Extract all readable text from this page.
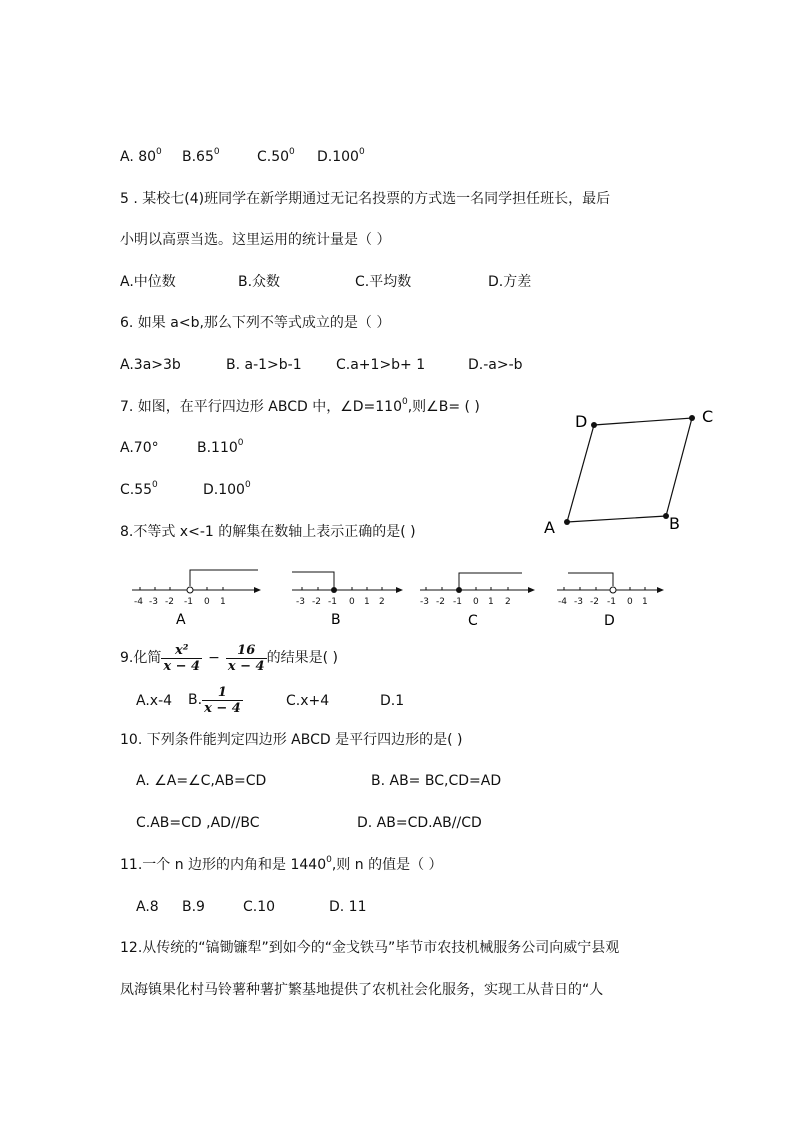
A. $80^0$ $B.65^0$	$C.50^0$ D.100$^0$
5 . 某校七(4)班同学在新学期通过无记名投票的方式选一名同学担任班长，最后
小明以高票当选。这里运用的统计量是（ ）
A.中位数	B.众数	C.平均数	D.方差
6. 如果 a<b,那么下列不等式成立的是（ ）
A.3a>3b	B. a-1>b-1 C.a+1>b+ 1	D.-a>-b
7. 如图，在平行四边形 ABCD 中，$\angle D=110^0$,则∠B= ( )
A.70°	B.110$^0$
$C.55^0$	D.100$^0$
A	B
C
D
8.不等式 x<-1 的解集在数轴上表示正确的是( )
-4 -3 -2 -1 0 1
A
-3 -2 -1 0 1 2
B
-3 -2 -1 0 1 2
C
-4 -3 -2 -1 0 1
D
9.化简 $\frac{\text{x²}}{x - 4} - \frac{16}{x - 4}$ 的结果是( )
A.x-4 B. $\frac{1}{x - 4}$	C.x+4	D.1
10. 下列条件能判定四边形 ABCD 是平行四边形的是( )
A. ∠A=∠C,AB=CD	B. AB= BC,CD=AD
C.AB=CD ,AD//BC	D. AB=CD.AB//CD
11.一个 n 边形的内角和是 1440$^0$,则 n 的值是（ ）
A.8 B.9	C.10	D. 11
12.从传统的“镐锄镰犁”到如今的“金戈铁马”毕节市农技机械服务公司向威宁县观
凤海镇果化村马铃薯种薯扩繁基地提供了农机社会化服务，实现工从昔日的“人
